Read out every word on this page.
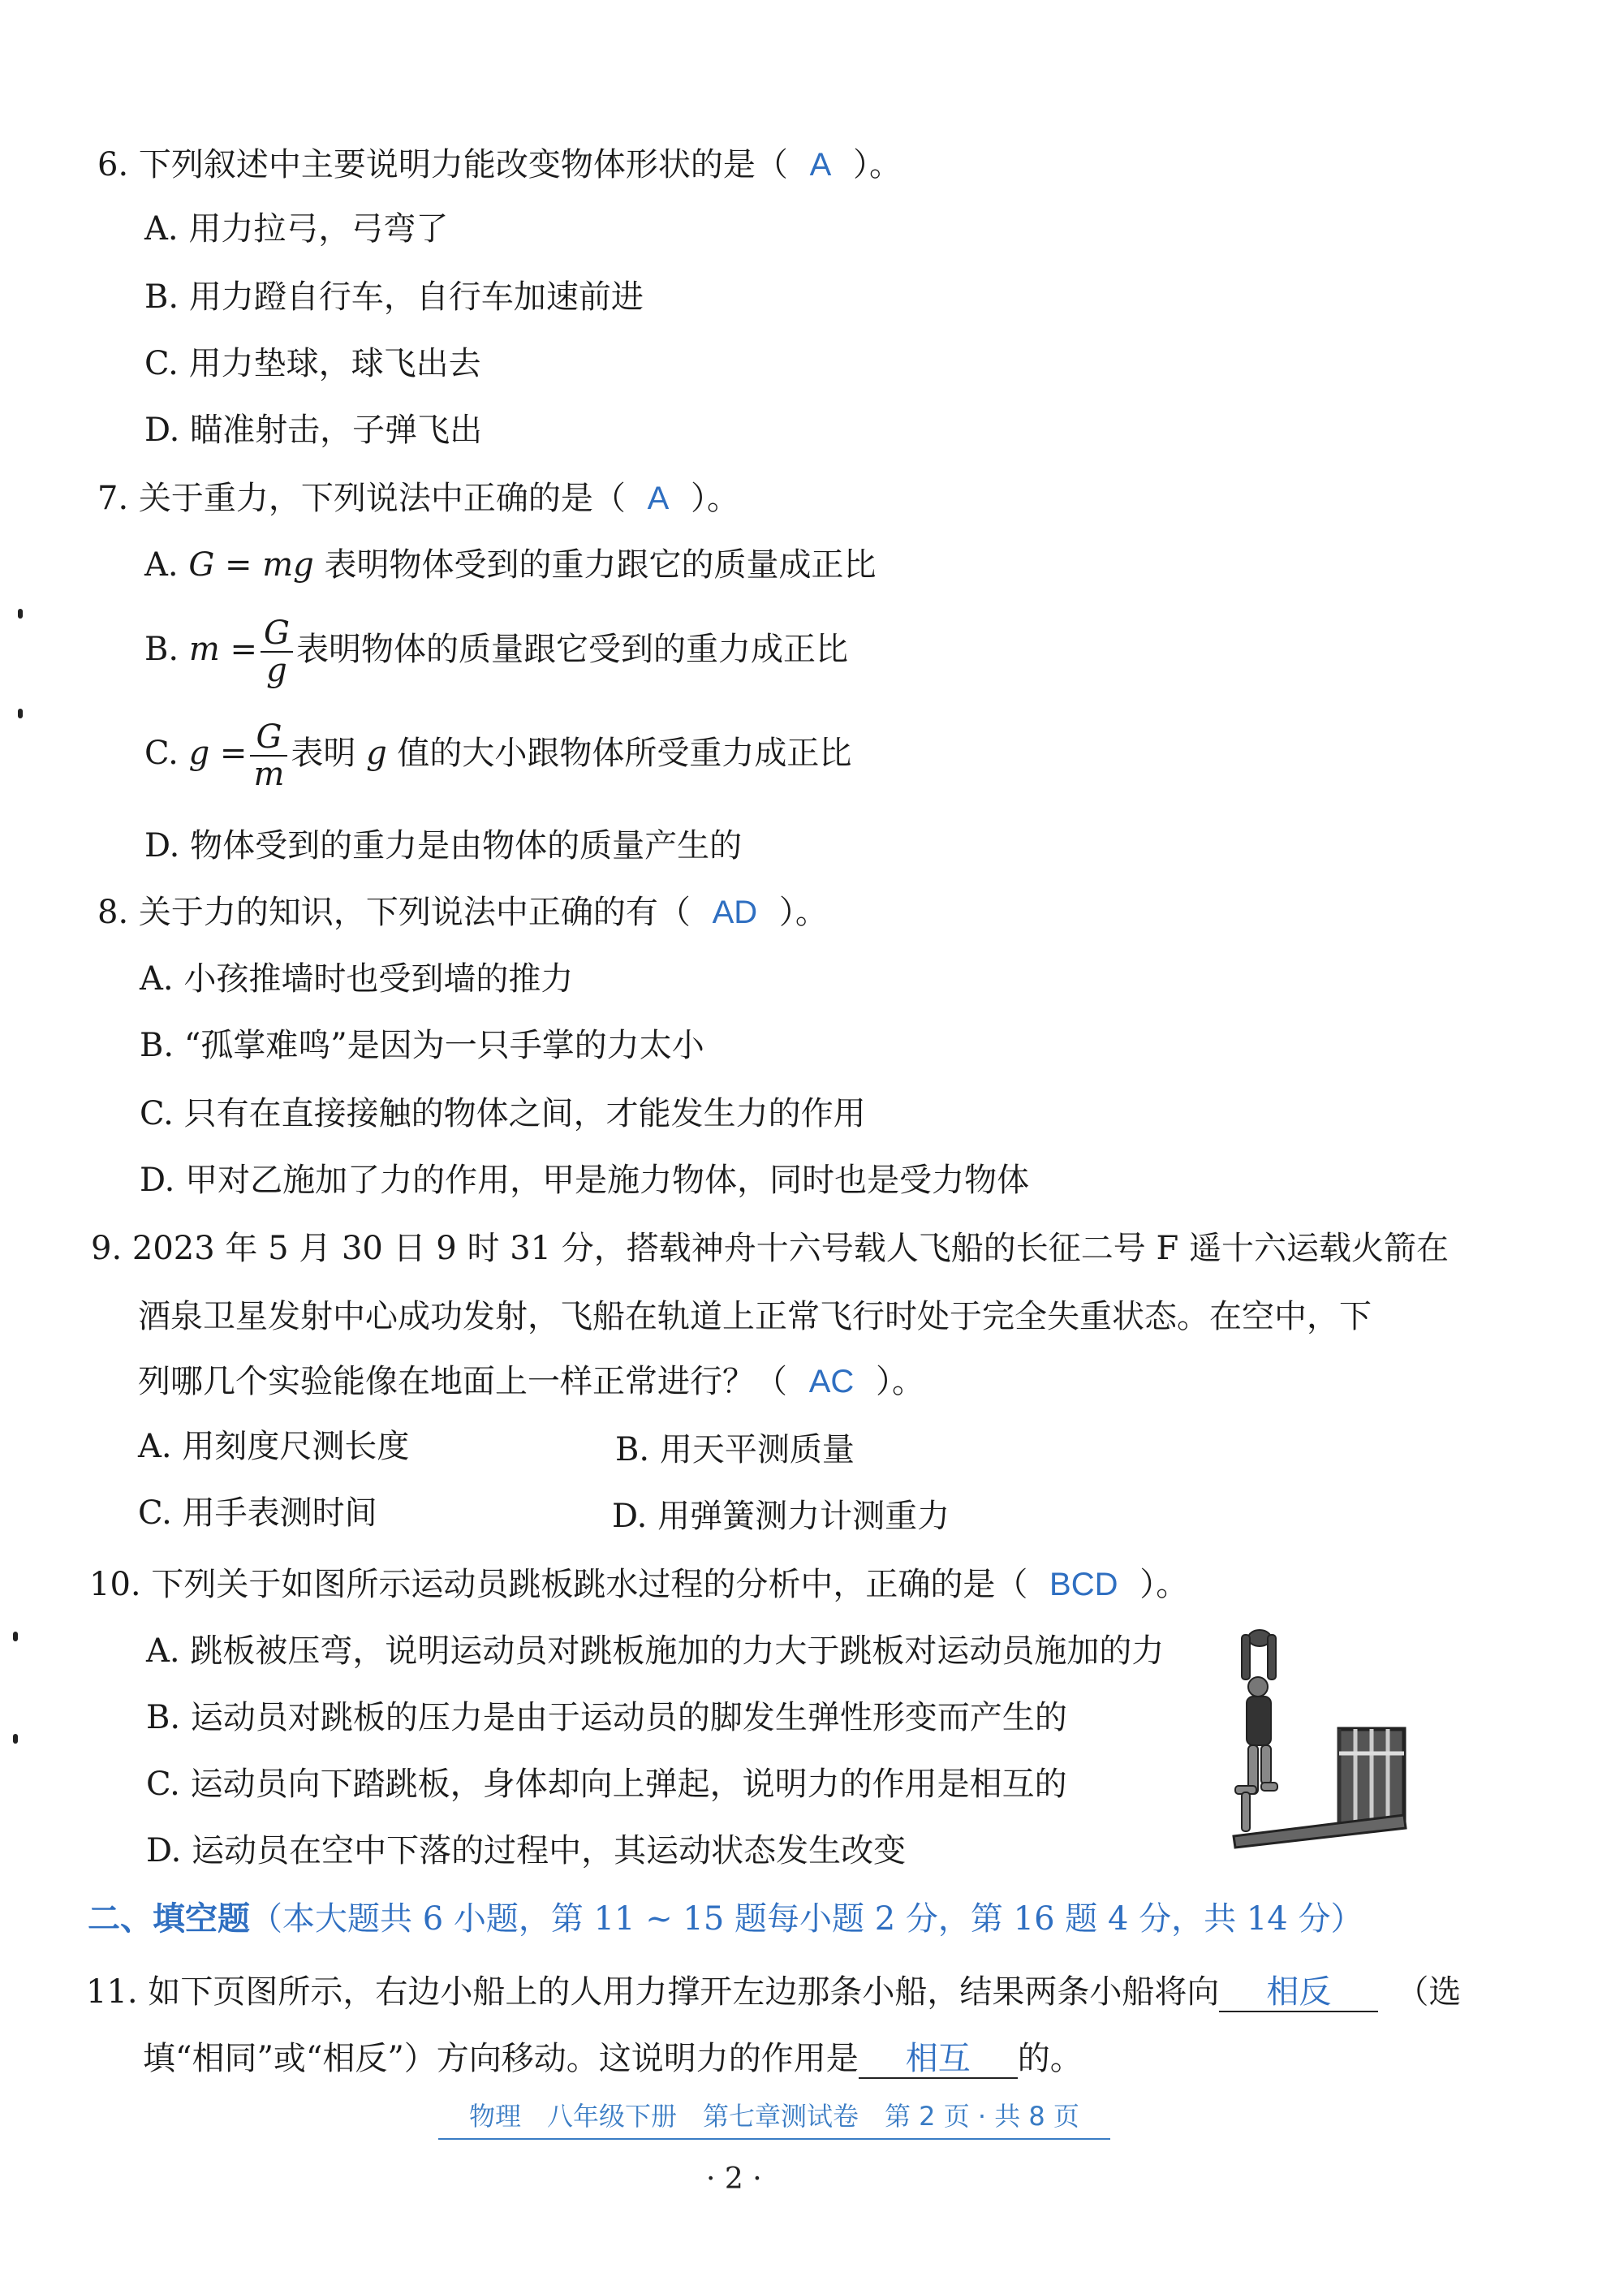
6. 下列叙述中主要说明力能改变物体形状的是（ A ）。
A. 用力拉弓，弓弯了
B. 用力蹬自行车，自行车加速前进
C. 用力垫球，球飞出去
D. 瞄准射击，子弹飞出
7. 关于重力，下列说法中正确的是（ A ）。
A. G = mg 表明物体受到的重力跟它的质量成正比
B. $m = \frac{G}{g}$ 表明物体的质量跟它受到的重力成正比
C. $g = \frac{G}{m}$ 表明 g 值的大小跟物体所受重力成正比
D. 物体受到的重力是由物体的质量产生的
8. 关于力的知识，下列说法中正确的有（ AD ）。
A. 小孩推墙时也受到墙的推力
B. “孤掌难鸣”是因为一只手掌的力太小
C. 只有在直接接触的物体之间，才能发生力的作用
D. 甲对乙施加了力的作用，甲是施力物体，同时也是受力物体
9. 2023 年 5 月 30 日 9 时 31 分，搭载神舟十六号载人飞船的长征二号 F 遥十六运载火箭在
酒泉卫星发射中心成功发射，飞船在轨道上正常飞行时处于完全失重状态。在空中，下
列哪几个实验能像在地面上一样正常进行？（ AC ）。
A. 用刻度尺测长度	B. 用天平测质量
C. 用手表测时间	D. 用弹簧测力计测重力
10. 下列关于如图所示运动员跳板跳水过程的分析中，正确的是（ BCD ）。
A. 跳板被压弯，说明运动员对跳板施加的力大于跳板对运动员施加的力
B. 运动员对跳板的压力是由于运动员的脚发生弹性形变而产生的
C. 运动员向下踏跳板，身体却向上弹起，说明力的作用是相互的
D. 运动员在空中下落的过程中，其运动状态发生改变
二、填空题（本大题共 6 小题，第 11 ~ 15 题每小题 2 分，第 16 题 4 分，共 14 分）
11. 如下页图所示，右边小船上的人用力撑开左边那条小船，结果两条小船将向 相反 （选
填“相同”或“相反”）方向移动。这说明力的作用是 相互 的。
物理　八年级下册　第七章测试卷　第 2 页 · 共 8 页
· 2 ·
